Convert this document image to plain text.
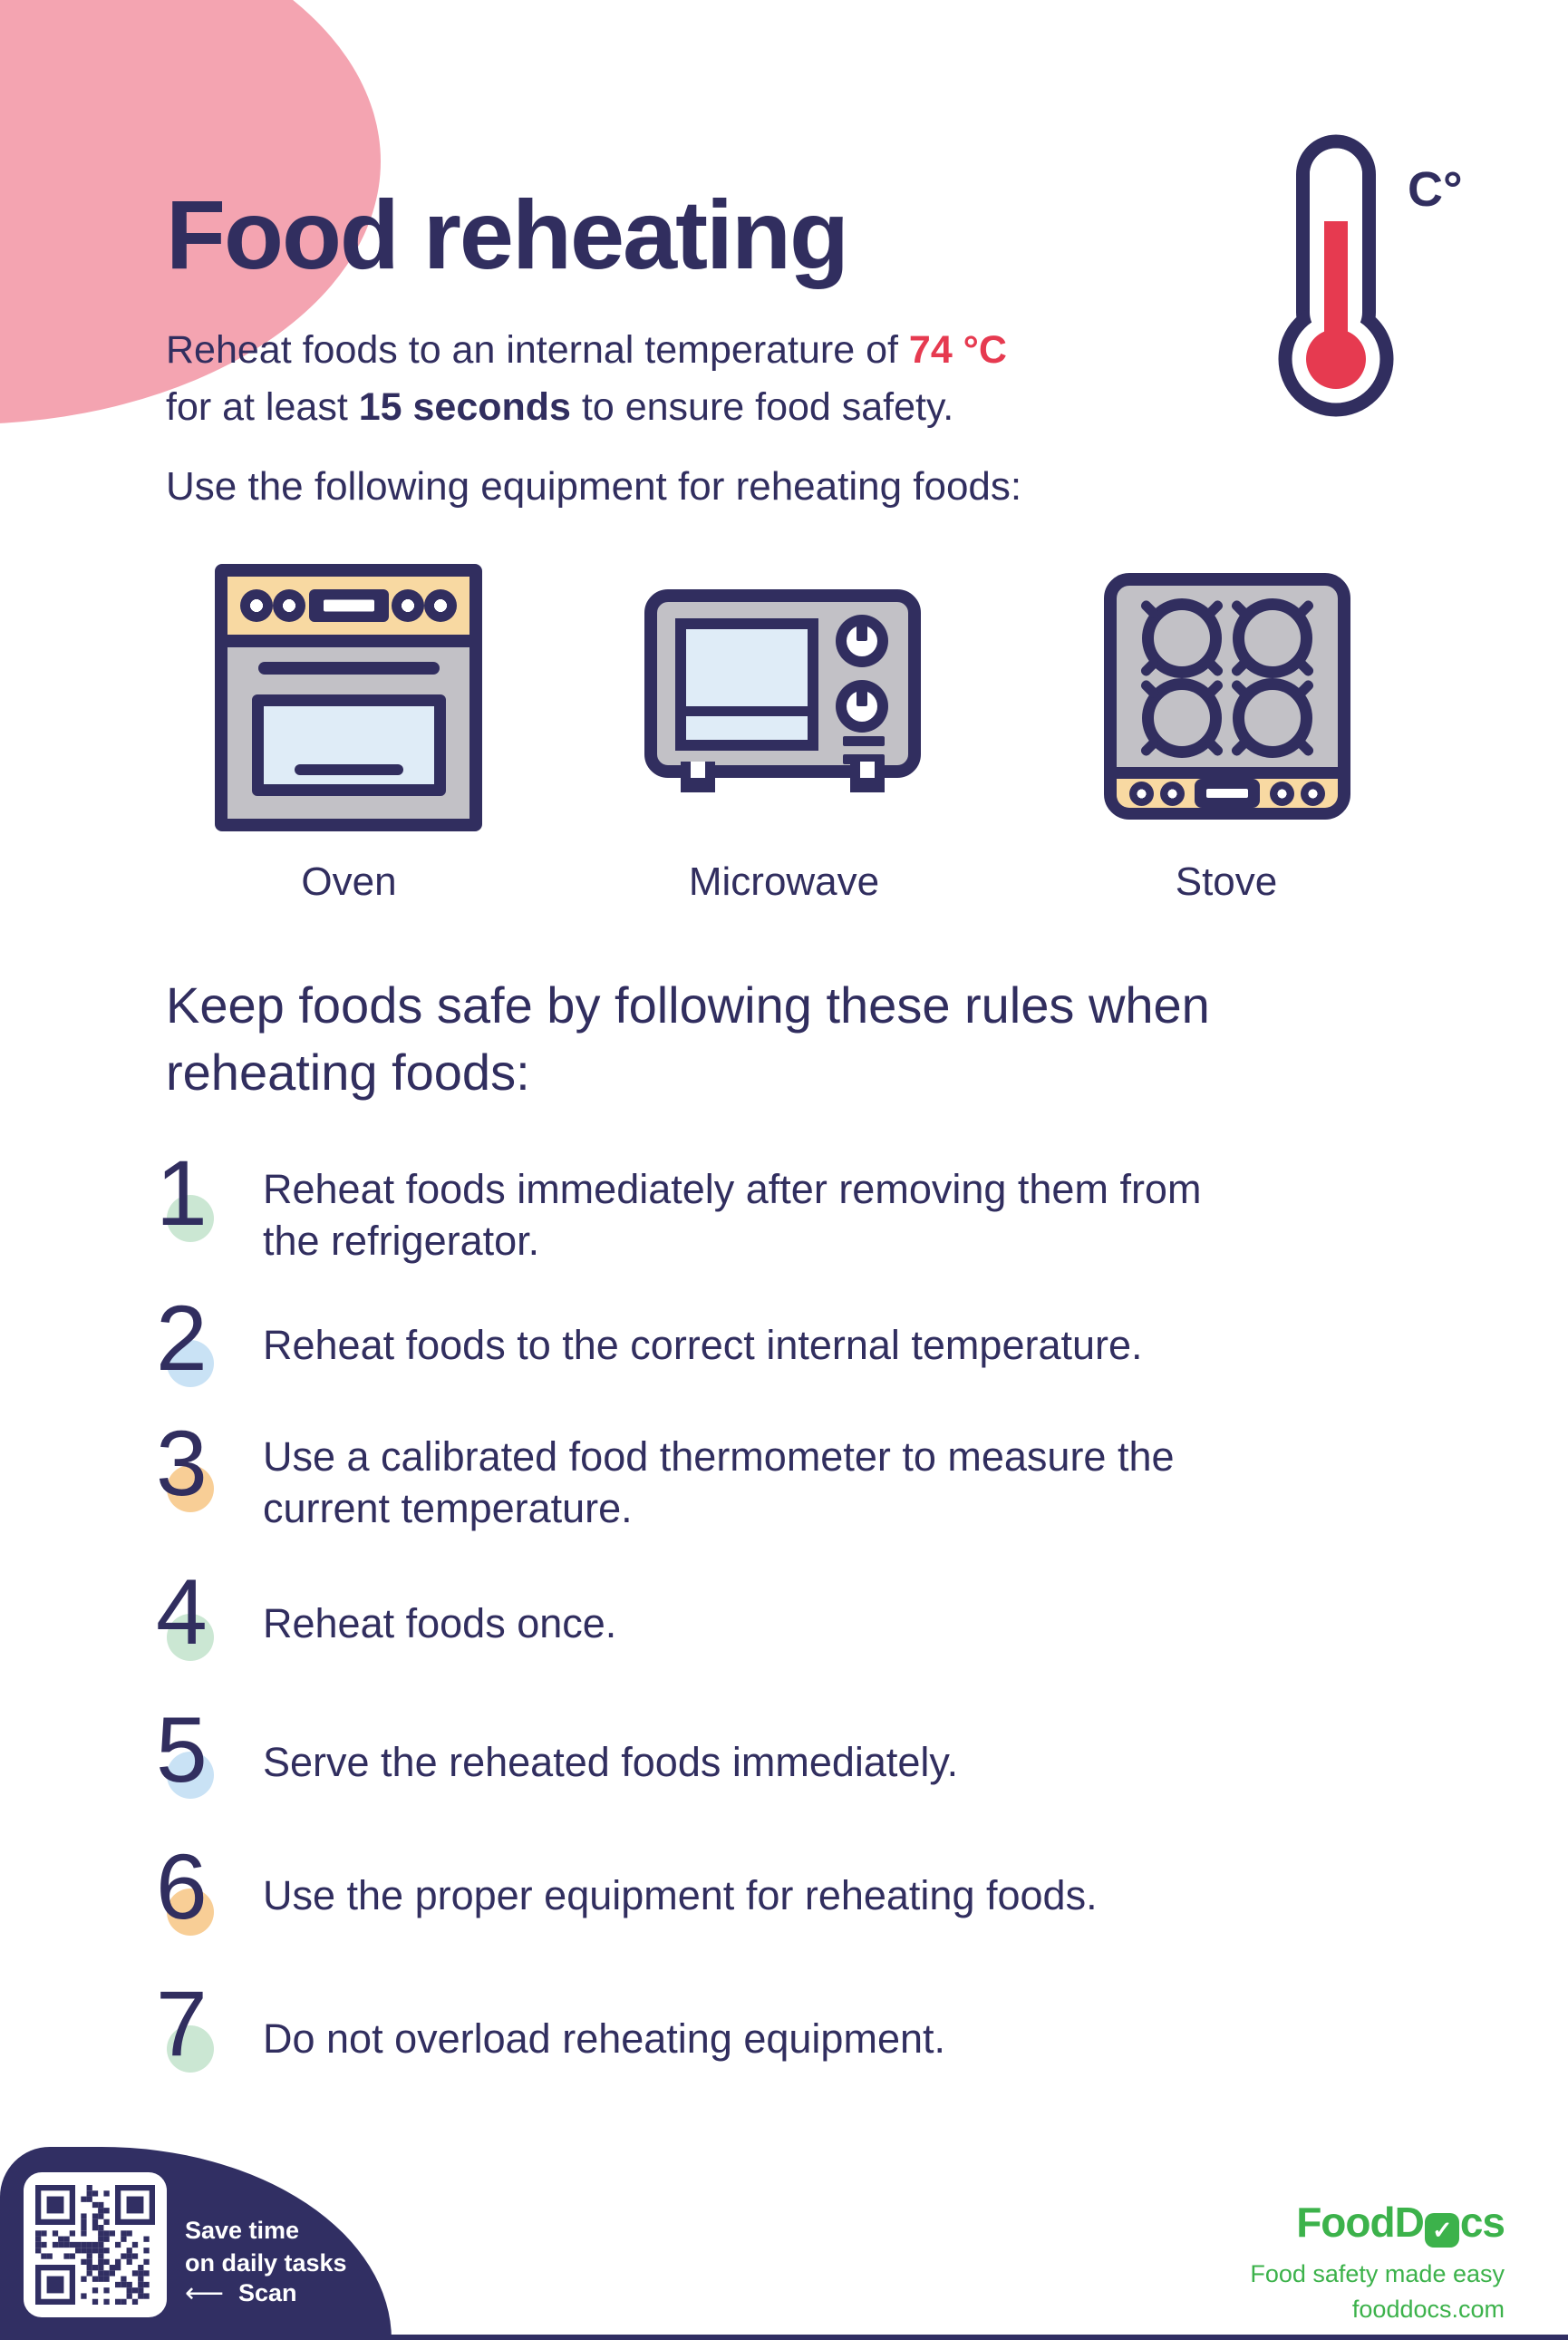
Food reheating

Reheat foods to an internal temperature of 74 °C
for at least 15 seconds to ensure food safety.

C°
Use the following equipment for reheating foods:
Oven	Microwave	Stove
Keep foods safe by following these rules when reheating foods:
1	Reheat foods immediately after removing them from the refrigerator.
2	Reheat foods to the correct internal temperature.
3	Use a calibrated food thermometer to measure the current temperature.
4	Reheat foods once.
5	Serve the reheated foods immediately.
6	Use the proper equipment for reheating foods.
7	Do not overload reheating equipment.
Save time
on daily tasks
⟵ Scan
FoodD ✓ cs
Food safety made easy
fooddocs.com
